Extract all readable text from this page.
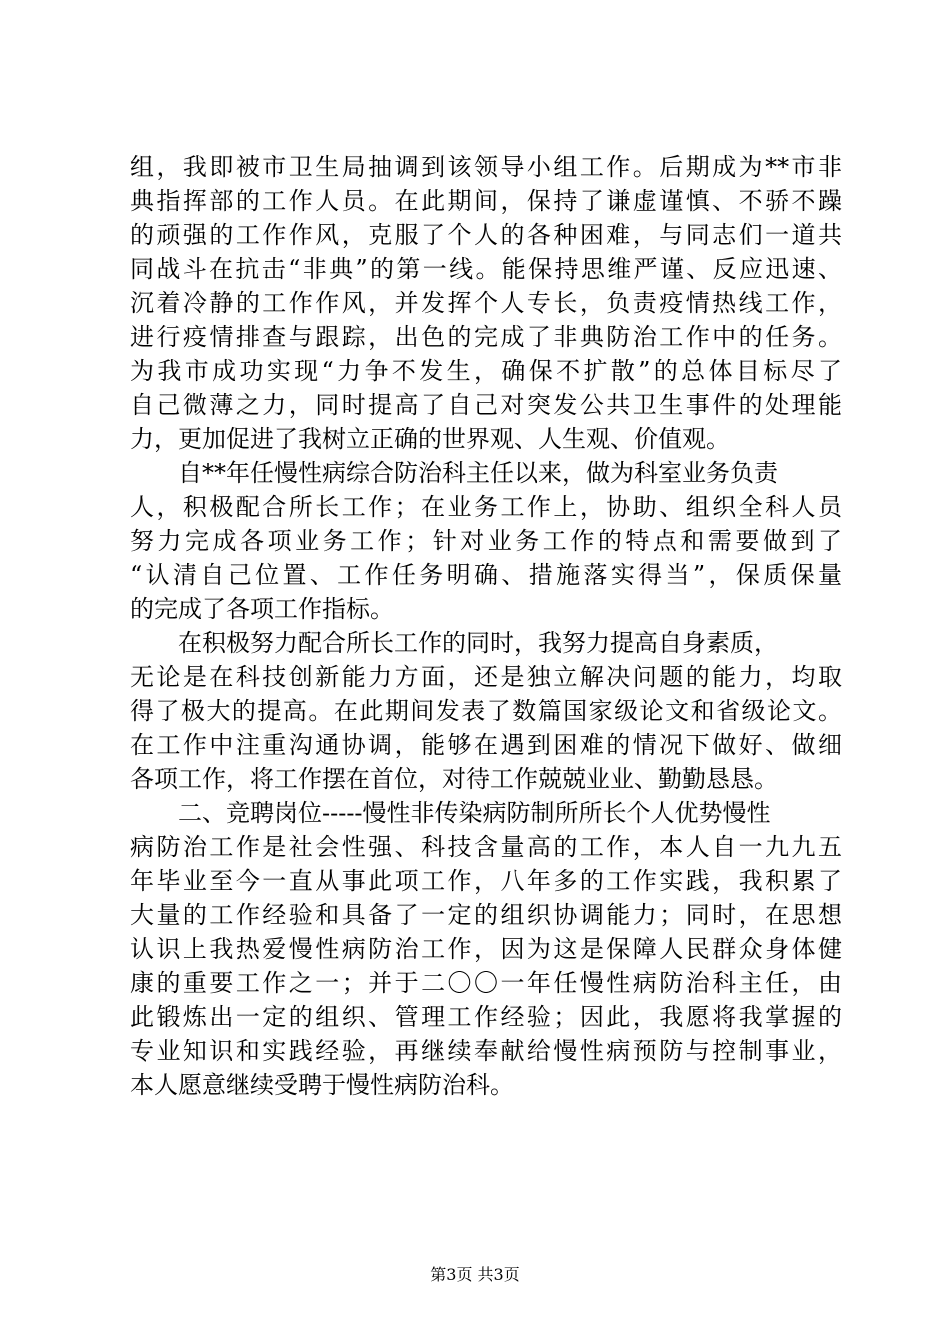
组，我即被市卫生局抽调到该领导小组工作。后期成为**市非
典指挥部的工作人员。在此期间，保持了谦虚谨慎、不骄不躁
的顽强的工作作风，克服了个人的各种困难，与同志们一道共
同战斗在抗击“非典”的第一线。能保持思维严谨、反应迅速、
沉着冷静的工作作风，并发挥个人专长，负责疫情热线工作，
进行疫情排查与跟踪，出色的完成了非典防治工作中的任务。
为我市成功实现“力争不发生，确保不扩散”的总体目标尽了
自己微薄之力，同时提高了自己对突发公共卫生事件的处理能
力，更加促进了我树立正确的世界观、人生观、价值观。
自**年任慢性病综合防治科主任以来，做为科室业务负责
人，积极配合所长工作；在业务工作上，协助、组织全科人员
努力完成各项业务工作；针对业务工作的特点和需要做到了
“认清自己位置、工作任务明确、措施落实得当”，保质保量
的完成了各项工作指标。
在积极努力配合所长工作的同时，我努力提高自身素质，
无论是在科技创新能力方面，还是独立解决问题的能力，均取
得了极大的提高。在此期间发表了数篇国家级论文和省级论文。
在工作中注重沟通协调，能够在遇到困难的情况下做好、做细
各项工作，将工作摆在首位，对待工作兢兢业业、勤勤恳恳。
二、竞聘岗位-----慢性非传染病防制所所长个人优势慢性
病防治工作是社会性强、科技含量高的工作，本人自一九九五
年毕业至今一直从事此项工作，八年多的工作实践，我积累了
大量的工作经验和具备了一定的组织协调能力；同时，在思想
认识上我热爱慢性病防治工作，因为这是保障人民群众身体健
康的重要工作之一；并于二〇〇一年任慢性病防治科主任，由
此锻炼出一定的组织、管理工作经验；因此，我愿将我掌握的
专业知识和实践经验，再继续奉献给慢性病预防与控制事业，
本人愿意继续受聘于慢性病防治科。
第3页 共3页
